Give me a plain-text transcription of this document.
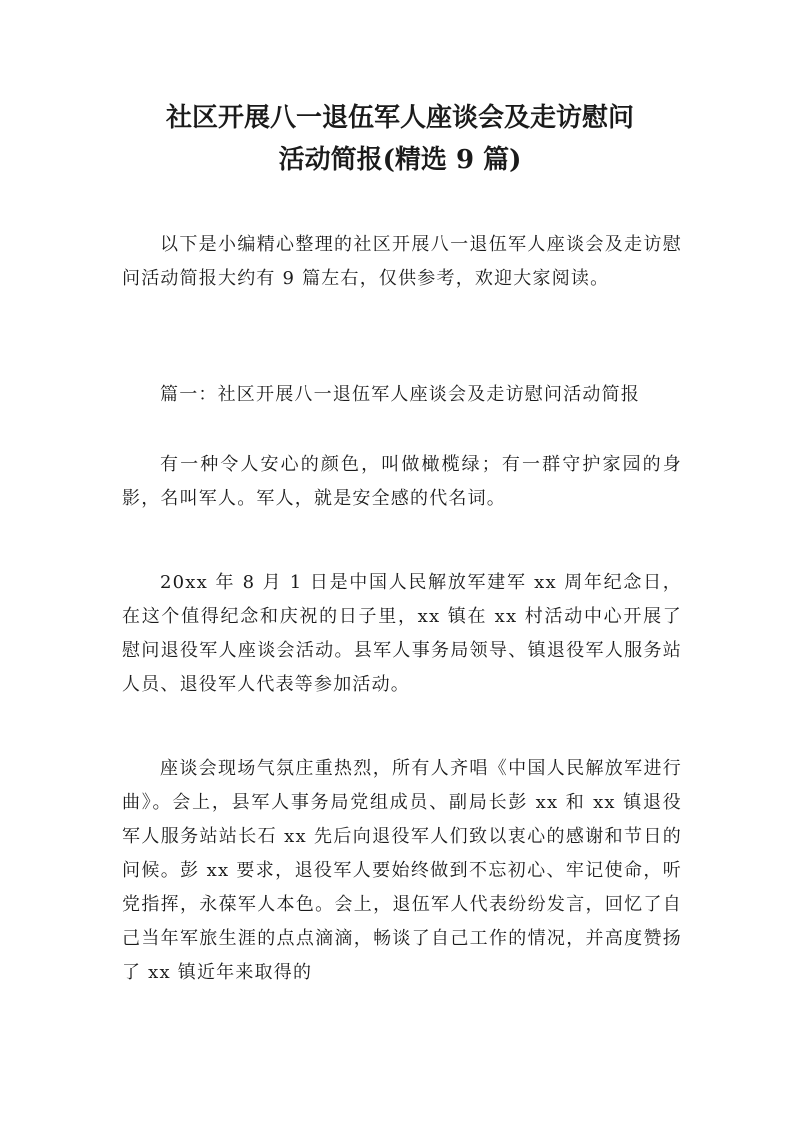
社区开展八一退伍军人座谈会及走访慰问
活动简报(精选 9 篇)

以下是小编精心整理的社区开展八一退伍军人座谈会及走访慰问活动简报大约有 9 篇左右，仅供参考，欢迎大家阅读。

篇一：社区开展八一退伍军人座谈会及走访慰问活动简报

有一种令人安心的颜色，叫做橄榄绿；有一群守护家园的身影，名叫军人。军人，就是安全感的代名词。

20xx 年 8 月 1 日是中国人民解放军建军 xx 周年纪念日，在这个值得纪念和庆祝的日子里，xx 镇在 xx 村活动中心开展了慰问退役军人座谈会活动。县军人事务局领导、镇退役军人服务站人员、退役军人代表等参加活动。

座谈会现场气氛庄重热烈，所有人齐唱《中国人民解放军进行曲》。会上，县军人事务局党组成员、副局长彭 xx 和 xx 镇退役军人服务站站长石 xx 先后向退役军人们致以衷心的感谢和节日的问候。彭 xx 要求，退役军人要始终做到不忘初心、牢记使命，听党指挥，永葆军人本色。会上，退伍军人代表纷纷发言，回忆了自己当年军旅生涯的点点滴滴，畅谈了自己工作的情况，并高度赞扬了 xx 镇近年来取得的
